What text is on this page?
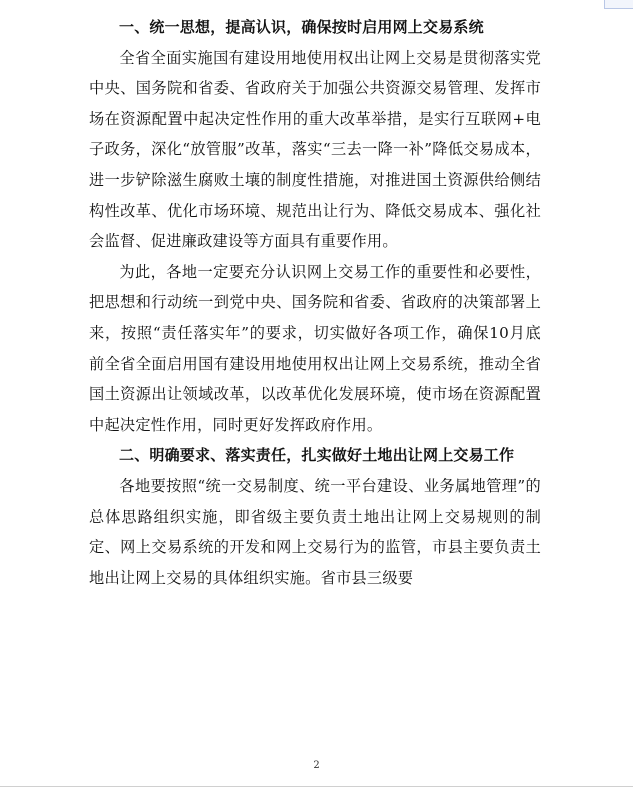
一、统一思想，提高认识，确保按时启用网上交易系统

全省全面实施国有建设用地使用权出让网上交易是贯彻落实党中央、国务院和省委、省政府关于加强公共资源交易管理、发挥市场在资源配置中起决定性作用的重大改革举措，是实行互联网+电子政务，深化“放管服”改革，落实“三去一降一补”降低交易成本，进一步铲除滋生腐败土壤的制度性措施，对推进国土资源供给侧结构性改革、优化市场环境、规范出让行为、降低交易成本、强化社会监督、促进廉政建设等方面具有重要作用。

为此，各地一定要充分认识网上交易工作的重要性和必要性，把思想和行动统一到党中央、国务院和省委、省政府的决策部署上来，按照“责任落实年”的要求，切实做好各项工作，确保10月底前全省全面启用国有建设用地使用权出让网上交易系统，推动全省国土资源出让领域改革，以改革优化发展环境，使市场在资源配置中起决定性作用，同时更好发挥政府作用。

二、明确要求、落实责任，扎实做好土地出让网上交易工作

各地要按照“统一交易制度、统一平台建设、业务属地管理”的总体思路组织实施，即省级主要负责土地出让网上交易规则的制定、网上交易系统的开发和网上交易行为的监管，市县主要负责土地出让网上交易的具体组织实施。省市县三级要

2
